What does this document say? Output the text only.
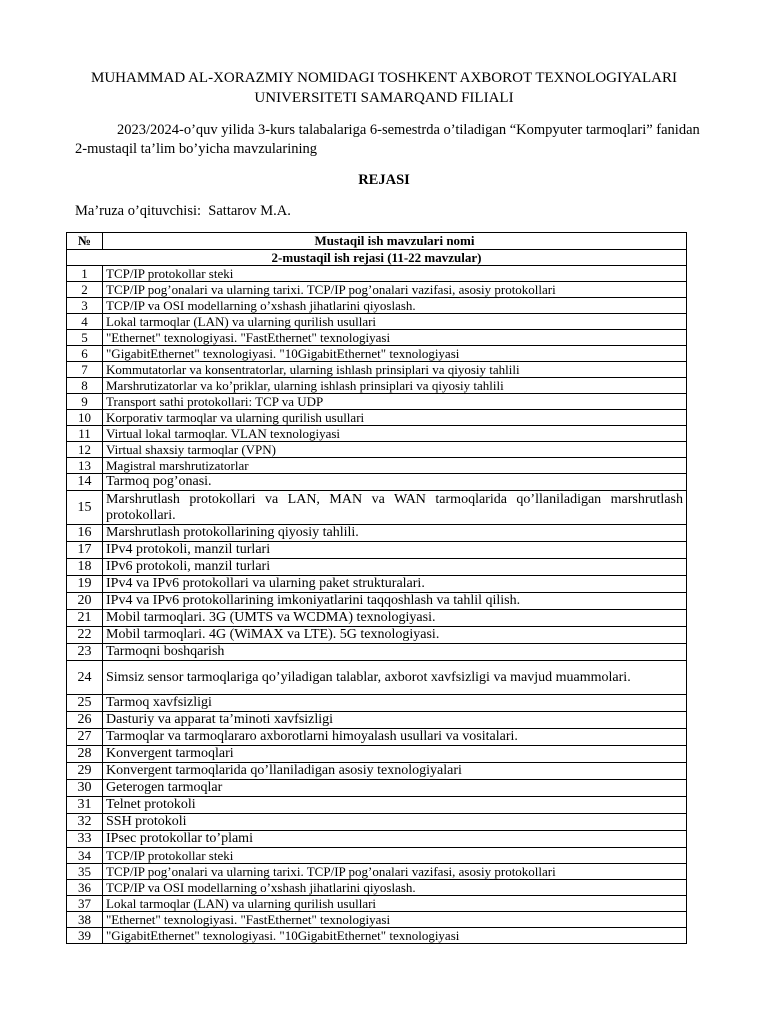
MUHAMMAD AL-XORAZMIY NOMIDAGI TOSHKENT AXBOROT TEXNOLOGIYALARI
UNIVERSITETI SAMARQAND FILIALI
2023/2024-o’quv yilida 3-kurs talabalariga 6-semestrda o’tiladigan “Kompyuter tarmoqlari” fanidan 2-mustaqil ta’lim bo’yicha mavzularining
REJASI
Ma’ruza o’qituvchisi: Sattarov M.A.
№	Mustaqil ish mavzulari nomi
2-mustaqil ish rejasi (11-22 mavzular)	
1	TCP/IP protokollar steki
2	TCP/IP pog’onalari va ularning tarixi. TCP/IP pog’onalari vazifasi, asosiy protokollari
3	TCP/IP va OSI modellarning o’xshash jihatlarini qiyoslash.
4	Lokal tarmoqlar (LAN) va ularning qurilish usullari
5	"Ethernet" texnologiyasi. "FastEthernet" texnologiyasi
6	"GigabitEthernet" texnologiyasi. "10GigabitEthernet" texnologiyasi
7	Kommutatorlar va konsentratorlar, ularning ishlash prinsiplari va qiyosiy tahlili
8	Marshrutizatorlar va ko’priklar, ularning ishlash prinsiplari va qiyosiy tahlili
9	Transport sathi protokollari: TCP va UDP
10	Korporativ tarmoqlar va ularning qurilish usullari
11	Virtual lokal tarmoqlar. VLAN texnologiyasi
12	Virtual shaxsiy tarmoqlar (VPN)
13	Magistral marshrutizatorlar
14	Tarmoq pog’onasi.
15	Marshrutlash protokollari va LAN, MAN va WAN tarmoqlarida qo’llaniladigan marshrutlash protokollari.
16	Marshrutlash protokollarining qiyosiy tahlili.
17	IPv4 protokoli, manzil turlari
18	IPv6 protokoli, manzil turlari
19	IPv4 va IPv6 protokollari va ularning paket strukturalari.
20	IPv4 va IPv6 protokollarining imkoniyatlarini taqqoshlash va tahlil qilish.
21	Mobil tarmoqlari. 3G (UMTS va WCDMA) texnologiyasi.
22	Mobil tarmoqlari. 4G (WiMAX va LTE). 5G texnologiyasi.
23	Tarmoqni boshqarish
24	Simsiz sensor tarmoqlariga qo’yiladigan talablar, axborot xavfsizligi va mavjud muammolari.
25	Tarmoq xavfsizligi
26	Dasturiy va apparat ta’minoti xavfsizligi
27	Tarmoqlar va tarmoqlararo axborotlarni himoyalash usullari va vositalari.
28	Konvergent tarmoqlari
29	Konvergent tarmoqlarida qo’llaniladigan asosiy texnologiyalari
30	Geterogen tarmoqlar
31	Telnet protokoli
32	SSH protokoli
33	IPsec protokollar to’plami
34	TCP/IP protokollar steki
35	TCP/IP pog’onalari va ularning tarixi. TCP/IP pog’onalari vazifasi, asosiy protokollari
36	TCP/IP va OSI modellarning o’xshash jihatlarini qiyoslash.
37	Lokal tarmoqlar (LAN) va ularning qurilish usullari
38	"Ethernet" texnologiyasi. "FastEthernet" texnologiyasi
39	"GigabitEthernet" texnologiyasi. "10GigabitEthernet" texnologiyasi
